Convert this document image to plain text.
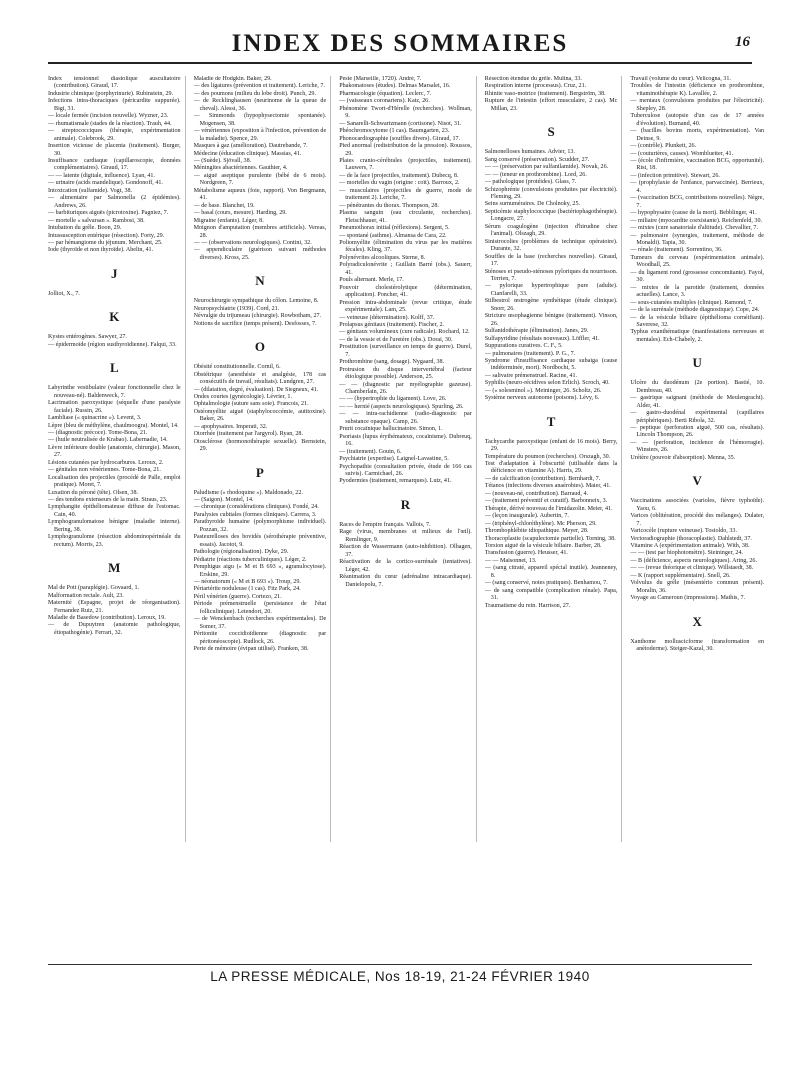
INDEX DES SOMMAIRES	16
Index tensionnel diastolique auscultatoire (contribution). Giraud, 17.
Industrie chimique (porphyrinurie). Rubinstein, 29.
Infections intra-thoraciques (péricardite suppurée). Bigi, 31.
— locale fermée (incision nouvelle). Wyzner, 23.
— rhumatismale (stades de la réaction). Trauh, 44.
— streptococciques (thérapie, expérimentation animale). Colebrook, 29.
Insertion vicieuse de placenta (traitement). Burger, 30.
Insuffisance cardiaque (capillaroscopie, données complémentaires). Giraud, 17.
— — latente (digitale, influence). Lyan, 41.
— urinaire (acids mandelique). Gondonoff, 41.
Intoxication (sulfamide). Vogt, 38.
— alimentaire par Salmonella (2 épidémies). Andrews, 26.
— barbituriques aiguës (picrotoxine). Pagniez, 7.
— mortelle « salvarsan ». Rambosi, 38.
Intubation du grêle. Boon, 29.
Intussusception entérique (résection). Forty, 29.
— par hémangiome du jéjunum. Merchant, 25.
Iode (thyroïde et non thyroïde). Abelin, 41.
J
Jolliot, X., 7.
K
Kystes entérogènes. Sawyer, 27.
— épidermoïde (région susthyroïdienne). Falqui, 33.
L
Labyrinthe vestibulaire (valeur fonctionnelle chez le nouveau-né). Baldenweck, 7.
Lacrimation paroxystique (séquelle d'une paralysie faciale). Russin, 26.
Lambliase (« quinacrine »). Levent, 3.
Lèpre (bleu de méthylène, chaulmoogra). Montel, 14.
— (diagnostic précoce). Tome-Bona, 21.
— (huile neutralisée de Krabao). Labernadie, 14.
Lèvre inférieure double (anatomie, chirurgie). Mason, 27.
Lésions cutanées par hydrocarbures. Leroux, 2.
— génitales non vénériennes. Tome-Bona, 21.
Localisation des projectiles (procédé de Palle, emploi pratique). Moret, 7.
Luxation du péroné (tête). Olsen, 38.
— des tendons extenseurs de la main. Straus, 23.
Lymphangite épithéliomateuse diffuse de l'estomac. Cain, 40.
Lymphogranulomatose bénigne (maladie interne). Bering, 38.
Lymphogranulome (résection abdominopérinéale du rectum). Morris, 23.
M
Mal de Pott (paraplégie). Govaard, 1.
Malformation rectale. Ault, 23.
Maternité (Espagne, projet de réorganisation). Fernandez Ruiz, 21.
Maladie de Basedow (contribution). Leroux, 19.
— de Dupuytren (anatomie pathologique, étiopathogénie). Ferrari, 32.
Maladie de Hodgkin. Baker, 29.
— des ligatures (prévention et traitement). Leriche, 7.
— des poumons (milieu du lobe droit). Punch, 29.
— de Recklinghausen (neurinome de la queue de cheval). Alessi, 36.
— Simmonds (hypophysectomie spontanée). Mogensen, 38.
— vénériennes (exposition à l'infection, prévention de la maladie). Spence, 29.
Masques à gaz (amélioration). Dautrebande, 7.
Médecine (éducation clinique). Massias, 41.
— (Suède). Sjövall, 38.
Méningites abactériennes. Gauthier, 4.
— aiguë aseptique purulente (bébé de 6 mois). Nordgreen, 7.
Métabolisme aqueux (foie, rapport). Von Bergmann, 41.
— de base. Blanchet, 19.
— basal (cours, mesure). Harding, 29.
Migraine (enfants). Léger, 8.
Moignon d'amputation (membres artificiels). Vereas, 28.
— — (observations neurologiques). Contini, 32.
— appendiculaire (guérison suivant méthodes diverses). Kross, 25.
N
Neurochirurgie sympathique du côlon. Lemoine, 8.
Neuropsychiatrie (1939). Cord, 21.
Névralgie du trijumeau (chirurgie). Rowbotham, 27.
Notions de sacrifice (temps présent). Desfosses, 7.
O
Obésité constitutionnelle. Cornil, 6.
Obstétrique (anesthésie et analgésie, 178 cas consécutifs de travail, résultats). Lundgren, 27.
— (dilatation, degré, évaluation). De Siegneux, 41.
Ondes courtes (gynécologie). Lévrier, 1.
Ophtalmologie (suture sans soie). Francois, 21.
Ostéomyélite aiguë (staphylococcémie, autitoxine). Baker, 26.
— apophysaires. Imperati, 32.
Otorrhée (traitement par l'argyrol). Ryan, 28.
Otosclérose (hormonothérapie sexuelle). Bernstein, 29.
P
Paludisme (« rhodoquine »). Maldonado, 22.
— (Saigon). Montel, 14.
— chronique (considérations cliniques). Fondé, 24.
Paralysies cubitales (formes cliniques). Carrera, 3.
Parathyroïde humaine (polymorphisme individuel). Pozzan, 32.
Pasteurelloses des bovidés (sérothérapie préventive, essais). Jacotot, 9.
Pathologie (régionalisation). Dyke, 29.
Pédiatrie (réactions tuberculiniques). Léger, 2.
Pemphigus aigu (« M et B 693 », agranulocytose). Erskine, 29.
— néonatorum (« M et B 693 »). Troup, 29.
Périartérite noduleuse (1 cas). Fitz Park, 24.
Péril vénérien (guerre). Cortezo, 21.
Période prémenstruelle (persistance de l'état folliculinique). Letendort, 20.
— de Wenckenbach (recherches expérimentales). De Somer, 37.
Péritonite coccidioïdienne (diagnostic par péritonéoscopie). Rudlock, 26.
Perte de mémoire (évipan utilisé). Franken, 38.
Peste (Marseille, 1720). André, 7.
Phakomatoses (études). Delmas Marsalet, 16.
Pharmacologie (équation). Leclerc, 7.
— (vaisseaux coronariens). Katz, 26.
Phénomène Twort-d'Hérelle (recherches). Wollman, 9.
— Sanarelli-Schwartzmann (cortisone). Nisot, 31.
Phéochromocytome (1 cas). Baumgarten, 23.
Phonocardiographie (souffles divers). Giraud, 17.
Pied anormal (redistribution de la pression). Roussos, 29.
Plaies cranio-cérébrales (projectiles, traitement). Lauwers, 7.
— de la face (projectiles, traitement). Dubecq, 8.
— mortelles du vagin (origine : coït). Barroux, 2.
— musculaires (projectiles de guerre, mode de traitement 2). Leriche, 7.
— pénétrantes du thorax. Thompson, 28.
Plasma sanguin (eau circulante, recherches). Fleischhauer, 41.
Pneumothorax initial (réflexions). Sergent, 5.
— spontané (asthme). Almansa de Cara, 22.
Poliomyélite (élimination du virus par les matières fécales). Kling, 37.
Polynévrites alcooliques. Sterne, 8.
Polyradiculonévrite ; Guillain Barré (obs.). Sauerr, 41.
Pouls alternant. Merle, 17.
Pouvoir cholestérolytique (détermination, application). Poncher, 41.
Pression intra-abdominale (revue critique, étude expérimentale). Lam, 25.
— veineuse (détermination). Kolff, 37.
Prolapsus génitaux (traitement). Fischer, 2.
— génitaux volumineux (cure radicale). Rochard, 12.
— de la vessie et de l'uretère (obs.). Dorai, 30.
Prostitution (surveillance en temps de guerre). Durel, 7.
Prothrombine (sang, dosage). Nygaard, 38.
Protrusion du disque intervertébral (facteur étiologique possible). Anderson, 25.
— — (diagnostic par myélographie gazeuse). Chamberlain, 26.
— — (hypertrophie du ligament). Love, 26.
— — hernié (aspects neurologiques). Spurling, 26.
— — intra-rachidienne (radio-diagnostic par substance opaque). Camp, 26.
Prurit cocaïnique hallucinatoire. Simon, 1.
Psoriasis (lupus érythémateux, cocaïnisme). Dubreuq, 16.
— (traitement). Gouin, 6.
Psychiatrie (expertise). Laignel-Lavastine, 5.
Psychopathie (consultation privée, étude de 166 cas suivis). Carmichael, 26.
Pyodermies (traitement, remarques). Lutz, 41.
R
Races de l'empire français. Vallois, 7.
Rage (virus, membranes et milieux de l'œil). Remlinger, 9.
Réaction de Wassermann (auto-inhibition). Olhagen, 37.
Réactivation de la cortico-surrénale (tentatives). Léger, 42.
Réanimation du cœur (adrénaline intracardiaque). Danielopolu, 7.
Résection étendue du grêle. Mulina, 33.
Respiration interne (processus). Cruz, 21.
Rhinite vaso-motrice (traitement). Bergström, 38.
Rupture de l'intestin (effort musculaire, 2 cas). Mc Millan, 23.
S
Salmonelloses humaines. Advier, 13.
Sang conservé (préservation). Scudder, 27.
— — (préservation par sulfanilamide). Novak, 26.
— — (teneur en prothrombine). Lord, 26.
— pathologique (protéides). Glass, 7.
Schizophrénie (convulsions produites par électricité). Fleming, 29.
Seins surnuméraires. De Cholnoky, 25.
Septicémie staphylococcique (bactériophagothérapie). Longacre, 27.
Sérum coagulogène (injection d'hirudine chez l'animal). Olszagh, 29.
Sinistrocolies (problèmes de technique opératoire). Durante, 32.
Souffles de la base (recherches nouvelles). Giraud, 17.
Sténoses et pseudo-sténoses pyloriques du nourrisson. Terrien, 7.
— pylorique hypertrophique pure (adulte). Cianfarelli, 33.
Stilbestrol œstrogène synthétique (étude clinique). Snorr, 26.
Stricture œsophagienne bénigne (traitement). Vinson, 26.
Sulfanidothérapie (élimination). Janes, 29.
Sulfapyridine (résultats nouveaux). Löffler, 41.
Suppurations curatives. C. F., 5.
— pulmonaires (traitement). P. G., 7.
Syndrome d'insuffisance cardiaque subaiga (cause indéterminée, mort). Nordbocht, 5.
— salivaire prémenstruel. Racine, 41.
Syphilis (neuro-récidives selon Erlich). Scroch, 40.
— (« solesminol »). Meininger, 26. Scholtz, 26.
Système nerveux autonome (poisons). Lévy, 6.
T
Tachycardie paroxystique (enfant de 16 mois). Berry, 29.
Température du poumon (recherches). Orszagh, 30.
Test d'adaptation à l'obscurité (utilisable dans la déficience en vitamine A). Harris, 29.
— de calcification (contribution). Bernhardt, 7.
Tétanos (infections diverses anaérobies). Maier, 41.
— (nouveau-né, contribution). Barraud, 4.
— (traitement préventif et curatif). Barbonneix, 3.
Thérapie, dérivé nouveau de l'imidazolin. Meier, 41.
— (leçon inaugurale). Aubertin, 7.
— (triphényl-chloréthylène). Mc Pherson, 29.
Thrombophlébite idiopathique. Meyer, 28.
Thoracoplastie (scapulectomie partielle). Torning, 38.
Torsion aiguë de la vésicule biliaire. Barber, 28.
Transfusion (guerre). Heusser, 41.
— — Maisonnet, 13.
— (sang citraté, appareil spécial inutile). Jeanneney, 8.
— (sang conservé, notes pratiques). Benhamou, 7.
— de sang compatible (complication rénale). Papa, 31.
Traumatisme du rein. Harrison, 27.
Travail (volume du cœur). Velicogna, 31.
Troubles de l'intestin (déficience en prothrombine, vitaminothérapie K). Lavallée, 2.
— mentaux (convulsions produites par l'électricité). Shepley, 28.
Tuberculose (autopsie d'un cas de 17 années d'évolution). Burnand, 40.
— (bacilles bovins morts, expérimentation). Van Deinse, 9.
— (contrôle). Plunkett, 26.
— (couturières, causes). Wombluetter, 41.
— (école d'infirmière, vaccination BCG, opportunité). Rist, 18.
— (infection primitive). Stewart, 26.
— (prophylaxie de l'enfance, parvaccinée). Berrieux, 4.
— (vaccination BCG, contributions nouvelles). Nègre, 7.
— hypophysaire (cause de la mort). Bebblinger, 41.
— miliaire (myocardite coexistante). Reichenfeld, 30.
— mixtes (cure sanatoriale d'altitude). Chevallier, 7.
— pulmonaire (synergies, traitement, méthode de Monaldi). Tapia, 30.
— rénale (traitement). Sorrentino, 36.
Tumeurs du cerveau (expérimentation animale). Woodhall, 25.
— du ligament rond (grossesse concomitante). Fayol, 30.
— mixtes de la parotide (traitement, données actuelles). Lance, 3.
— sous-cutanées multiples (clinique). Ramond, 7.
— de la surrénale (méthode diagnostique). Cope, 24.
— de la vésicule biliaire (épithélioma cornéifiant). Saverese, 32.
Typhus exanthématique (manifestations nerveuses et mentales). Ech-Chabely, 2.
U
Ulcère du duodénum (2e portion). Bastié, 10. Dembreau, 40.
— gastrique saignant (méthode de Meulengracht). Alder, 41.
— gastro-duodénal expérimental (capillaires périphériques). Berti Ribola, 32.
— peptique (perforation aiguë, 500 cas, résultats). Lincoln Thompson, 26.
— — (perforation, incidence de l'hémorragie). Winsters, 26.
Urétère (pouvoir d'absorption). Menna, 35.
V
Vaccinations associées (varioles, fièvre typhoïde). Yaou, 6.
Varices (oblitération, procédé des mélanges). Dulater, 7.
Varicocèle (rupture veineuse). Tosioldo, 33.
Vectoradiographie (thoracoplastie). Dahlstedt, 37.
Vitamine A (expérimentation animale). With, 38.
— — (test par biophotomètre). Steininger, 24.
— B (déficience, aspects neurologiques). Aring, 26.
— — (revue théorique et clinique). Willstaedt, 38.
— K (rapport supplémentaire). Snell, 26.
Volvulus du grêle (mésentério commun présent). Moralin, 36.
Voyage au Cameroun (impressions). Mathis, 7.
X
Xanthome molluscicforme (transformation en anétoderme). Steiger-Kazal, 30.
LA PRESSE MÉDICALE, Nos 18-19, 21-24 FÉVRIER 1940
